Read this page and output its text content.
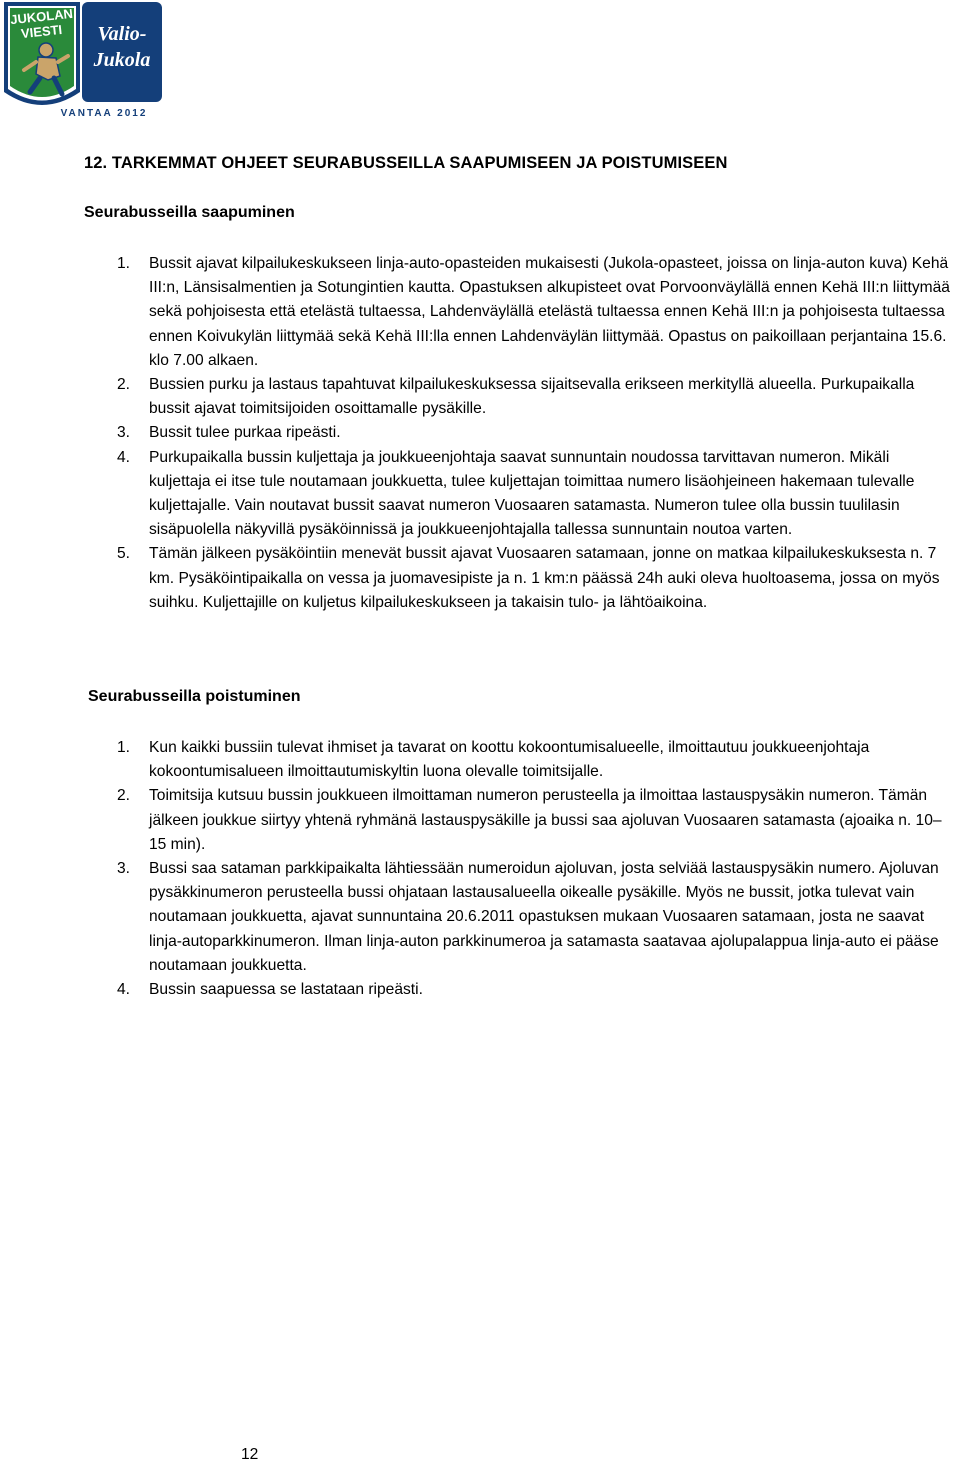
JUKOLAN
VIESTI Valio-
Jukola
VANTAA 2012
12. TARKEMMAT OHJEET SEURABUSSEILLA SAAPUMISEEN JA POISTUMISEEN
Seurabusseilla saapuminen
1. Bussit ajavat kilpailukeskukseen linja-auto-opasteiden mukaisesti (Jukola-opasteet, joissa on linja-auton kuva) Kehä III:n, Länsisalmentien ja Sotungintien kautta. Opastuksen alkupisteet ovat Porvoonväylällä ennen Kehä III:n liittymää sekä pohjoisesta että etelästä tultaessa, Lahdenväylällä etelästä tultaessa ennen Kehä III:n ja pohjoisesta tultaessa ennen Koivukylän liittymää sekä Kehä III:lla ennen Lahdenväylän liittymää. Opastus on paikoillaan perjantaina 15.6. klo 7.00 alkaen.
2. Bussien purku ja lastaus tapahtuvat kilpailukeskuksessa sijaitsevalla erikseen merkityllä alueella. Purkupaikalla bussit ajavat toimitsijoiden osoittamalle pysäkille.
3. Bussit tulee purkaa ripeästi.
4. Purkupaikalla bussin kuljettaja ja joukkueenjohtaja saavat sunnuntain noudossa tarvittavan numeron. Mikäli kuljettaja ei itse tule noutamaan joukkuetta, tulee kuljettajan toimittaa numero lisäohjeineen hakemaan tulevalle kuljettajalle. Vain noutavat bussit saavat numeron Vuosaaren satamasta. Numeron tulee olla bussin tuulilasin sisäpuolella näkyvillä pysäköinnissä ja joukkueenjohtajalla tallessa sunnuntain noutoa varten.
5. Tämän jälkeen pysäköintiin menevät bussit ajavat Vuosaaren satamaan, jonne on matkaa kilpailukeskuksesta n. 7 km. Pysäköintipaikalla on vessa ja juomavesipiste ja n. 1 km:n päässä 24h auki oleva huoltoasema, jossa on myös suihku. Kuljettajille on kuljetus kilpailukeskukseen ja takaisin tulo- ja lähtöaikoina.
Seurabusseilla poistuminen
1. Kun kaikki bussiin tulevat ihmiset ja tavarat on koottu kokoontumisalueelle, ilmoittautuu joukkueenjohtaja kokoontumisalueen ilmoittautumiskyltin luona olevalle toimitsijalle.
2. Toimitsija kutsuu bussin joukkueen ilmoittaman numeron perusteella ja ilmoittaa lastauspysäkin numeron. Tämän jälkeen joukkue siirtyy yhtenä ryhmänä lastauspysäkille ja bussi saa ajoluvan Vuosaaren satamasta (ajoaika n. 10–15 min).
3. Bussi saa sataman parkkipaikalta lähtiessään numeroidun ajoluvan, josta selviää lastauspysäkin numero. Ajoluvan pysäkkinumeron perusteella bussi ohjataan lastausalueella oikealle pysäkille. Myös ne bussit, jotka tulevat vain noutamaan joukkuetta, ajavat sunnuntaina 20.6.2011 opastuksen mukaan Vuosaaren satamaan, josta ne saavat linja-autoparkkinumeron. Ilman linja-auton parkkinumeroa ja satamasta saatavaa ajolupalappua linja-auto ei pääse noutamaan joukkuetta.
4. Bussin saapuessa se lastataan ripeästi.
12
